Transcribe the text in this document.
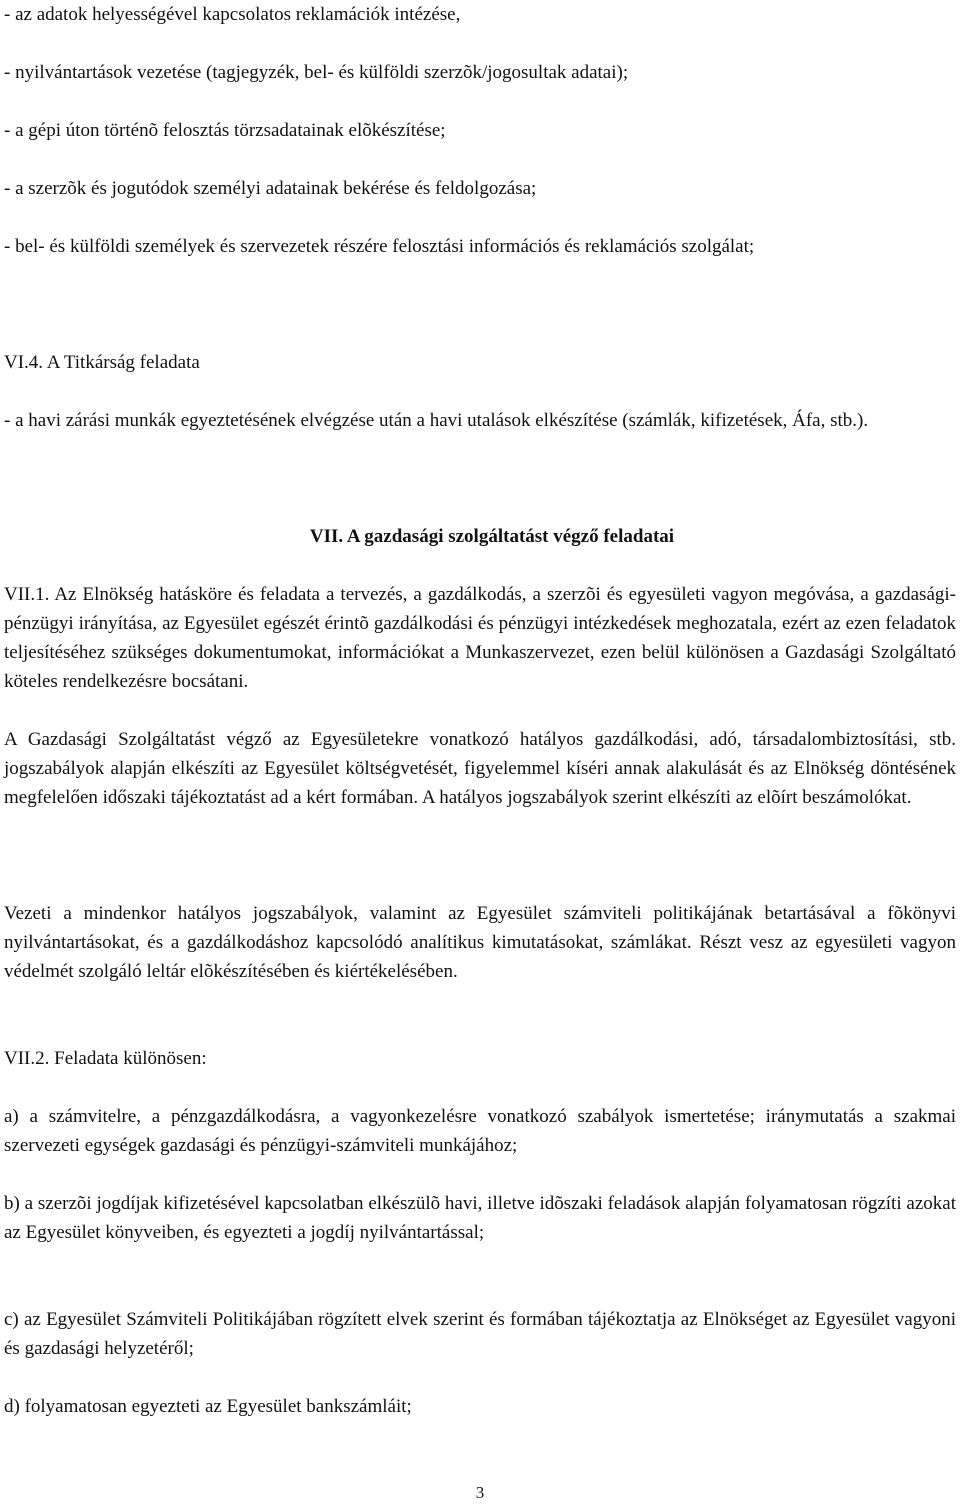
- az adatok helyességével kapcsolatos reklamációk intézése,

- nyilvántartások vezetése (tagjegyzék, bel- és külföldi szerzõk/jogosultak adatai);

- a gépi úton történõ felosztás törzsadatainak elõkészítése;

- a szerzõk és jogutódok személyi adatainak bekérése és feldolgozása;

- bel- és külföldi személyek és szervezetek részére felosztási információs és reklamációs szolgálat;

VI.4. A Titkárság feladata

- a havi zárási munkák egyeztetésének elvégzése után a havi utalások elkészítése (számlák, kifizetések, Áfa, stb.).

VII. A gazdasági szolgáltatást végző feladatai

VII.1. Az Elnökség hatásköre és feladata a tervezés, a gazdálkodás, a szerzõi és egyesületi vagyon megóvása, a gazdasági-pénzügyi irányítása, az Egyesület egészét érintõ gazdálkodási és pénzügyi intézkedések meghozatala, ezért az ezen feladatok teljesítéséhez szükséges dokumentumokat, információkat a Munkaszervezet, ezen belül különösen a Gazdasági Szolgáltató köteles rendelkezésre bocsátani.

A Gazdasági Szolgáltatást végző az Egyesületekre vonatkozó hatályos gazdálkodási, adó, társadalombiztosítási, stb. jogszabályok alapján elkészíti az Egyesület költségvetését, figyelemmel kíséri annak alakulását és az Elnökség döntésének megfelelően időszaki tájékoztatást ad a kért formában. A hatályos jogszabályok szerint elkészíti az elõírt beszámolókat.

Vezeti a mindenkor hatályos jogszabályok, valamint az Egyesület számviteli politikájának betartásával a fõkönyvi nyilvántartásokat, és a gazdálkodáshoz kapcsolódó analítikus kimutatásokat, számlákat. Részt vesz az egyesületi vagyon védelmét szolgáló leltár elõkészítésében és kiértékelésében.

VII.2. Feladata különösen:

a) a számvitelre, a pénzgazdálkodásra, a vagyonkezelésre vonatkozó szabályok ismertetése; iránymutatás a szakmai szervezeti egységek gazdasági és pénzügyi-számviteli munkájához;

b) a szerzõi jogdíjak kifizetésével kapcsolatban elkészülõ havi, illetve idõszaki feladások alapján folyamatosan rögzíti azokat az Egyesület könyveiben, és egyezteti a jogdíj nyilvántartással;

c) az Egyesület Számviteli Politikájában rögzített elvek szerint és formában tájékoztatja az Elnökséget az Egyesület vagyoni és gazdasági helyzetéről;

d) folyamatosan egyezteti az Egyesület bankszámláit;

3
